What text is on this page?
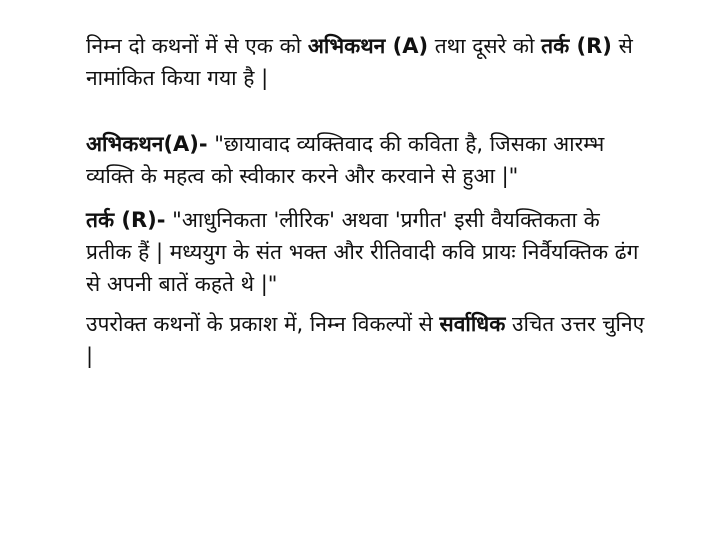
निम्न दो कथनों में से एक को अभिकथन (A) तथा दूसरे को तर्क (R) से नामांकित किया गया है |

अभिकथन(A)- "छायावाद व्यक्तिवाद की कविता है, जिसका आरम्भ व्यक्ति के महत्व को स्वीकार करने और करवाने से हुआ |"

तर्क (R)- "आधुनिकता 'लीरिक' अथवा 'प्रगीत' इसी वैयक्तिकता के प्रतीक हैं | मध्ययुग के संत भक्त और रीतिवादी कवि प्रायः निर्वैयक्तिक ढंग से अपनी बातें कहते थे |"

उपरोक्त कथनों के प्रकाश में, निम्न विकल्पों से सर्वाधिक उचित उत्तर चुनिए |
